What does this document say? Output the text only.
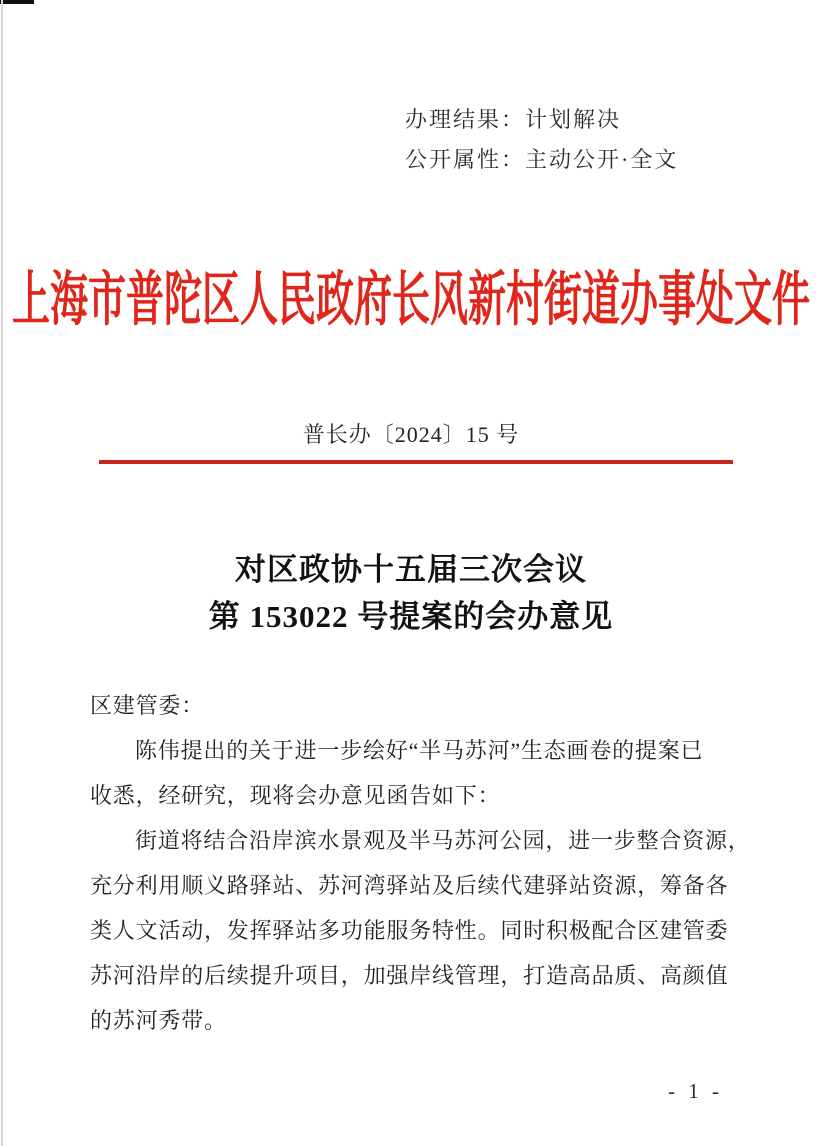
办理结果：计划解决
公开属性：主动公开·全文
上海市普陀区人民政府长风新村街道办事处文件
普长办〔2024〕15 号
对区政协十五届三次会议
第 153022 号提案的会办意见
区建管委：
陈伟提出的关于进一步绘好“半马苏河”生态画卷的提案已
收悉，经研究，现将会办意见函告如下：
街道将结合沿岸滨水景观及半马苏河公园，进一步整合资源，
充分利用顺义路驿站、苏河湾驿站及后续代建驿站资源，筹备各
类人文活动，发挥驿站多功能服务特性。同时积极配合区建管委
苏河沿岸的后续提升项目，加强岸线管理，打造高品质、高颜值
的苏河秀带。
- 1 -
